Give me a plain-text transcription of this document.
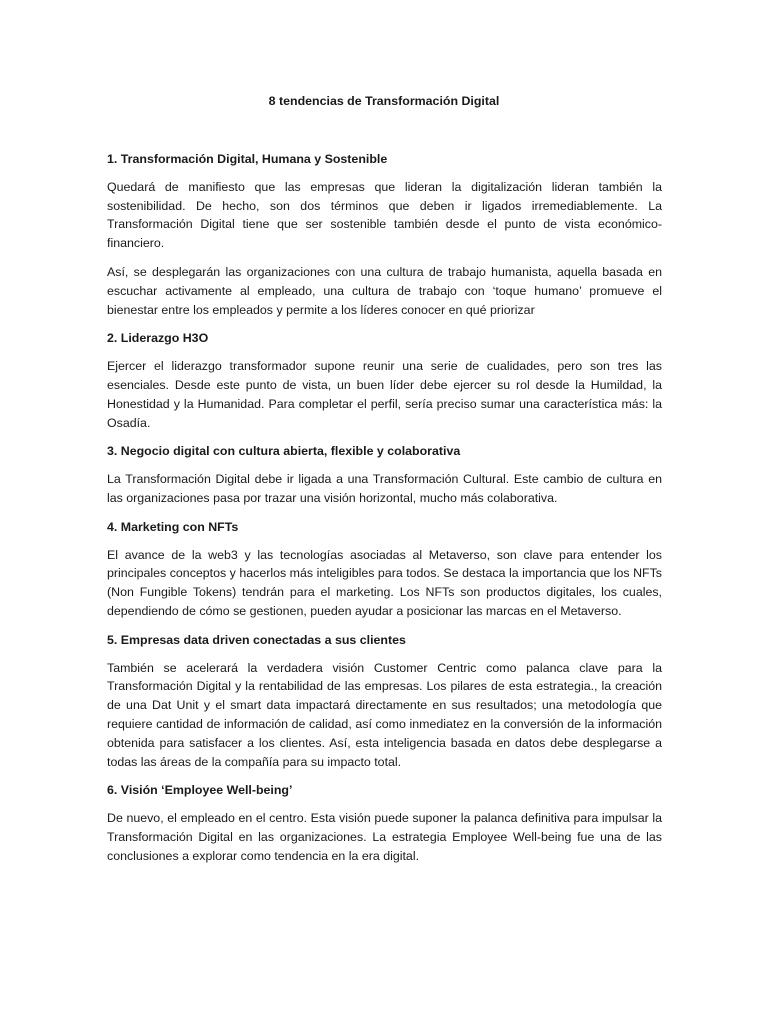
8 tendencias de Transformación Digital

1. Transformación Digital, Humana y Sostenible

Quedará de manifiesto que las empresas que lideran la digitalización lideran también la sostenibilidad. De hecho, son dos términos que deben ir ligados irremediablemente. La Transformación Digital tiene que ser sostenible también desde el punto de vista económico-financiero.

Así, se desplegarán las organizaciones con una cultura de trabajo humanista, aquella basada en escuchar activamente al empleado, una cultura de trabajo con ‘toque humano’ promueve el bienestar entre los empleados y permite a los líderes conocer en qué priorizar

2. Liderazgo H3O

Ejercer el liderazgo transformador supone reunir una serie de cualidades, pero son tres las esenciales. Desde este punto de vista, un buen líder debe ejercer su rol desde la Humildad, la Honestidad y la Humanidad. Para completar el perfil, sería preciso sumar una característica más: la Osadía.

3. Negocio digital con cultura abierta, flexible y colaborativa

La Transformación Digital debe ir ligada a una Transformación Cultural. Este cambio de cultura en las organizaciones pasa por trazar una visión horizontal, mucho más colaborativa.

4. Marketing con NFTs

El avance de la web3 y las tecnologías asociadas al Metaverso, son clave para entender los principales conceptos y hacerlos más inteligibles para todos. Se destaca la importancia que los NFTs (Non Fungible Tokens) tendrán para el marketing. Los NFTs son productos digitales, los cuales, dependiendo de cómo se gestionen, pueden ayudar a posicionar las marcas en el Metaverso.

5. Empresas data driven conectadas a sus clientes

También se acelerará la verdadera visión Customer Centric como palanca clave para la Transformación Digital y la rentabilidad de las empresas. Los pilares de esta estrategia., la creación de una Dat Unit y el smart data impactará directamente en sus resultados; una metodología que requiere cantidad de información de calidad, así como inmediatez en la conversión de la información obtenida para satisfacer a los clientes. Así, esta inteligencia basada en datos debe desplegarse a todas las áreas de la compañía para su impacto total.

6. Visión ‘Employee Well-being’

De nuevo, el empleado en el centro. Esta visión puede suponer la palanca definitiva para impulsar la Transformación Digital en las organizaciones. La estrategia Employee Well-being fue una de las conclusiones a explorar como tendencia en la era digital.
